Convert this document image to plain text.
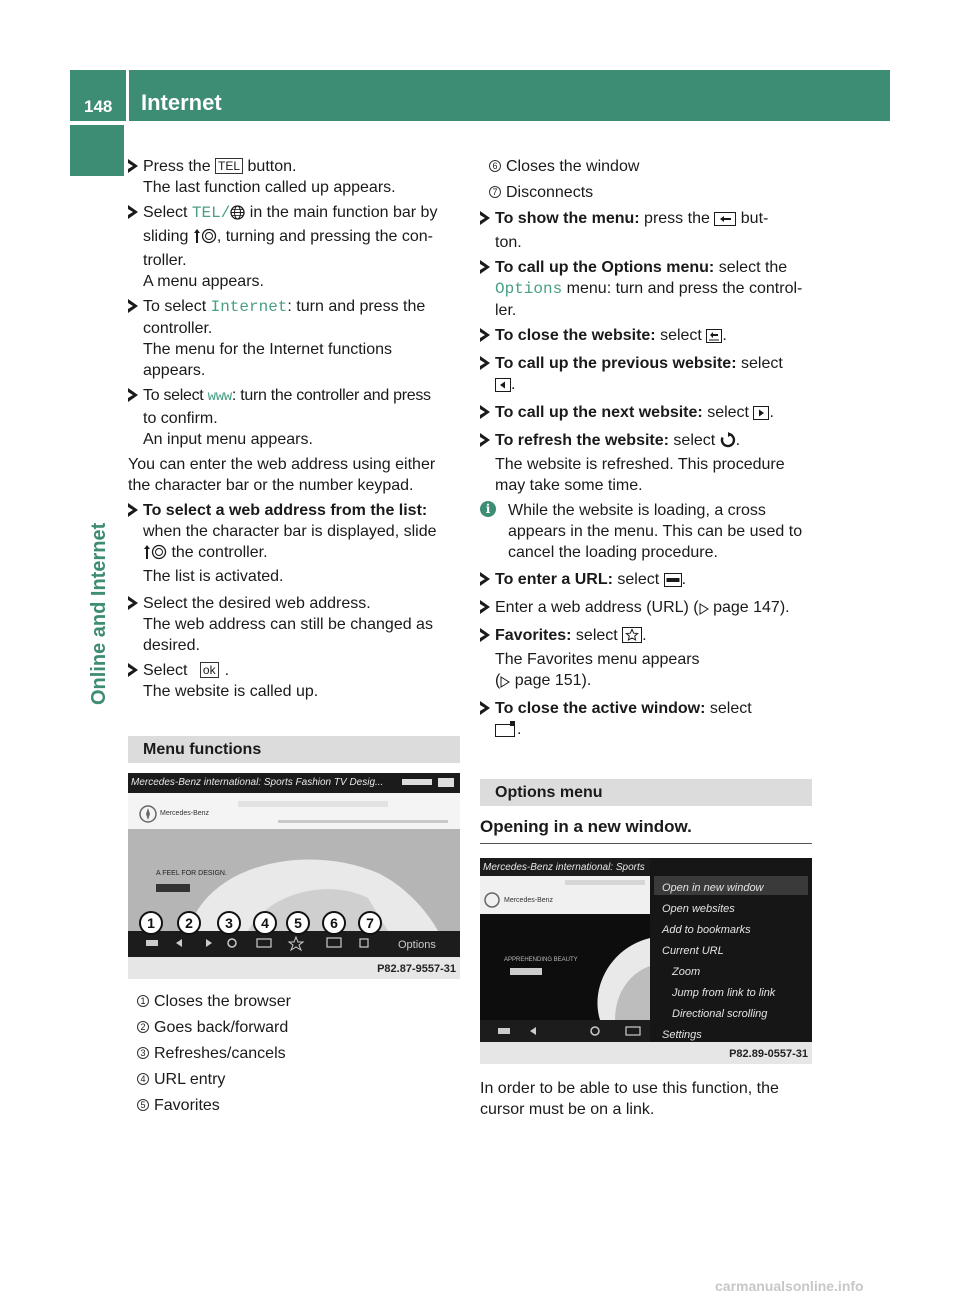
148 Internet
Online and Internet
Press the TEL button.
The last function called up appears.
Select TEL/ in the main function bar by
sliding , turning and pressing the con-
troller.
A menu appears.
To select Internet: turn and press the
controller.
The menu for the Internet functions
appears.
To select www: turn the controller and press
to confirm.
An input menu appears.
You can enter the web address using either
the character bar or the number keypad.
To select a web address from the list:
when the character bar is displayed, slide
the controller.
The list is activated.
Select the desired web address.
The web address can still be changed as
desired.
Select ok .
The website is called up.
Menu functions
Mercedes-Benz international: Sports Fashion TV Desig...
Mercedes-Benz
A FEEL FOR DESIGN.
Options
1	2	3	4	5	6	7
P82.87-9557-31
1 Closes the browser
2 Goes back/forward
3 Refreshes/cancels
4 URL entry
5 Favorites
6 Closes the window
7 Disconnects
To show the menu: press the but-
ton.
To call up the Options menu: select the
Options menu: turn and press the control-
ler.
To close the website: select .
To call up the previous website: select
.
To call up the next website: select .
To refresh the website: select .
The website is refreshed. This procedure
may take some time.
i	While the website is loading, a cross
appears in the menu. This can be used to
cancel the loading procedure.
To enter a URL: select .
Enter a web address (URL) ( page 147).
Favorites: select .
The Favorites menu appears
( page 151).
To close the active window: select
.
Options menu
Opening in a new window.
Mercedes-Benz international: Sports
Mercedes-Benz
APPREHENDING BEAUTY
Open in new window
Open websites
Add to bookmarks
Current URL
Zoom
Jump from link to link
Directional scrolling
Settings
P82.89-0557-31
In order to be able to use this function, the
cursor must be on a link.
carmanualsonline.info
